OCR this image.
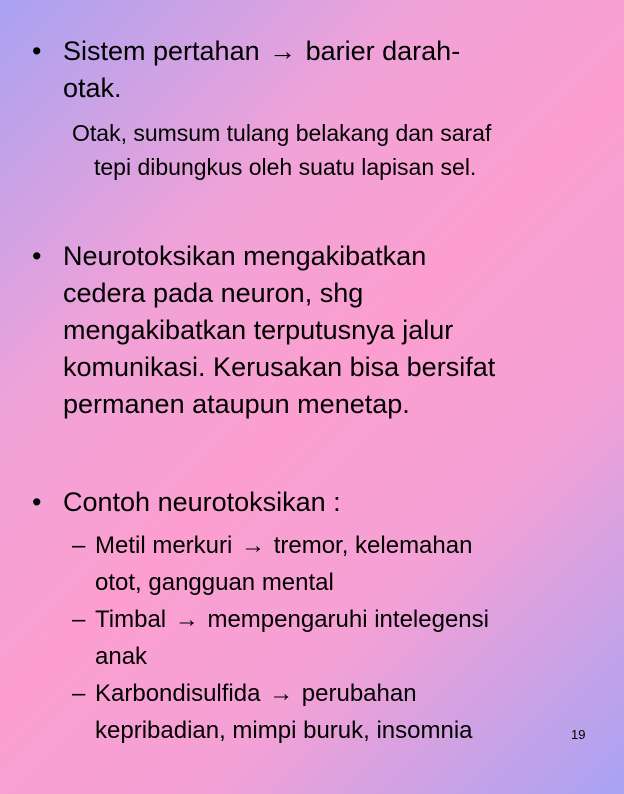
• Sistem pertahan → barier darah-
otak.
Otak, sumsum tulang belakang dan saraf
tepi dibungkus oleh suatu lapisan sel.
• Neurotoksikan mengakibatkan
cedera pada neuron, shg
mengakibatkan terputusnya jalur
komunikasi. Kerusakan bisa bersifat
permanen ataupun menetap.
• Contoh neurotoksikan :
– Metil merkuri → tremor, kelemahan
otot, gangguan mental
– Timbal → mempengaruhi intelegensi
anak
– Karbondisulfida → perubahan
kepribadian, mimpi buruk, insomnia	19
